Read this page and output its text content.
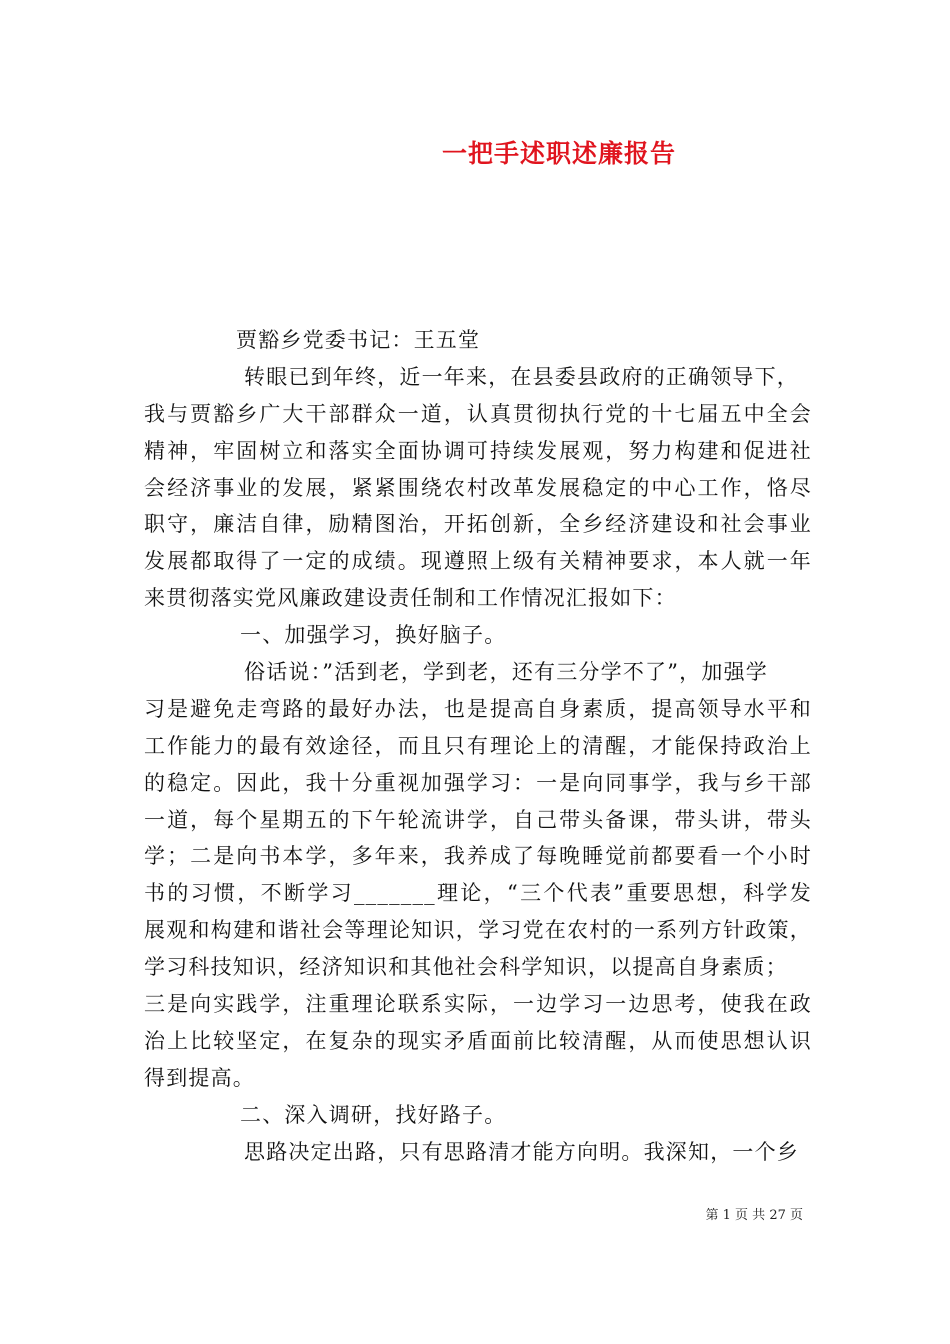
一把手述职述廉报告
贾豁乡党委书记：王五堂
转眼已到年终，近一年来，在县委县政府的正确领导下，
我与贾豁乡广大干部群众一道，认真贯彻执行党的十七届五中全会
精神，牢固树立和落实全面协调可持续发展观，努力构建和促进社
会经济事业的发展，紧紧围绕农村改革发展稳定的中心工作，恪尽
职守，廉洁自律，励精图治，开拓创新，全乡经济建设和社会事业
发展都取得了一定的成绩。现遵照上级有关精神要求，本人就一年
来贯彻落实党风廉政建设责任制和工作情况汇报如下：
一、加强学习，换好脑子。
俗话说：”活到老，学到老，还有三分学不了”，加强学
习是避免走弯路的最好办法，也是提高自身素质，提高领导水平和
工作能力的最有效途径，而且只有理论上的清醒，才能保持政治上
的稳定。因此，我十分重视加强学习：一是向同事学，我与乡干部
一道，每个星期五的下午轮流讲学，自己带头备课，带头讲，带头
学；二是向书本学，多年来，我养成了每晚睡觉前都要看一个小时
书的习惯，不断学习_______理论，“三个代表”重要思想，科学发
展观和构建和谐社会等理论知识，学习党在农村的一系列方针政策，
学习科技知识，经济知识和其他社会科学知识，以提高自身素质；
三是向实践学，注重理论联系实际，一边学习一边思考，使我在政
治上比较坚定，在复杂的现实矛盾面前比较清醒，从而使思想认识
得到提高。
二、深入调研，找好路子。
思路决定出路，只有思路清才能方向明。我深知，一个乡
第 1 页 共 27 页
